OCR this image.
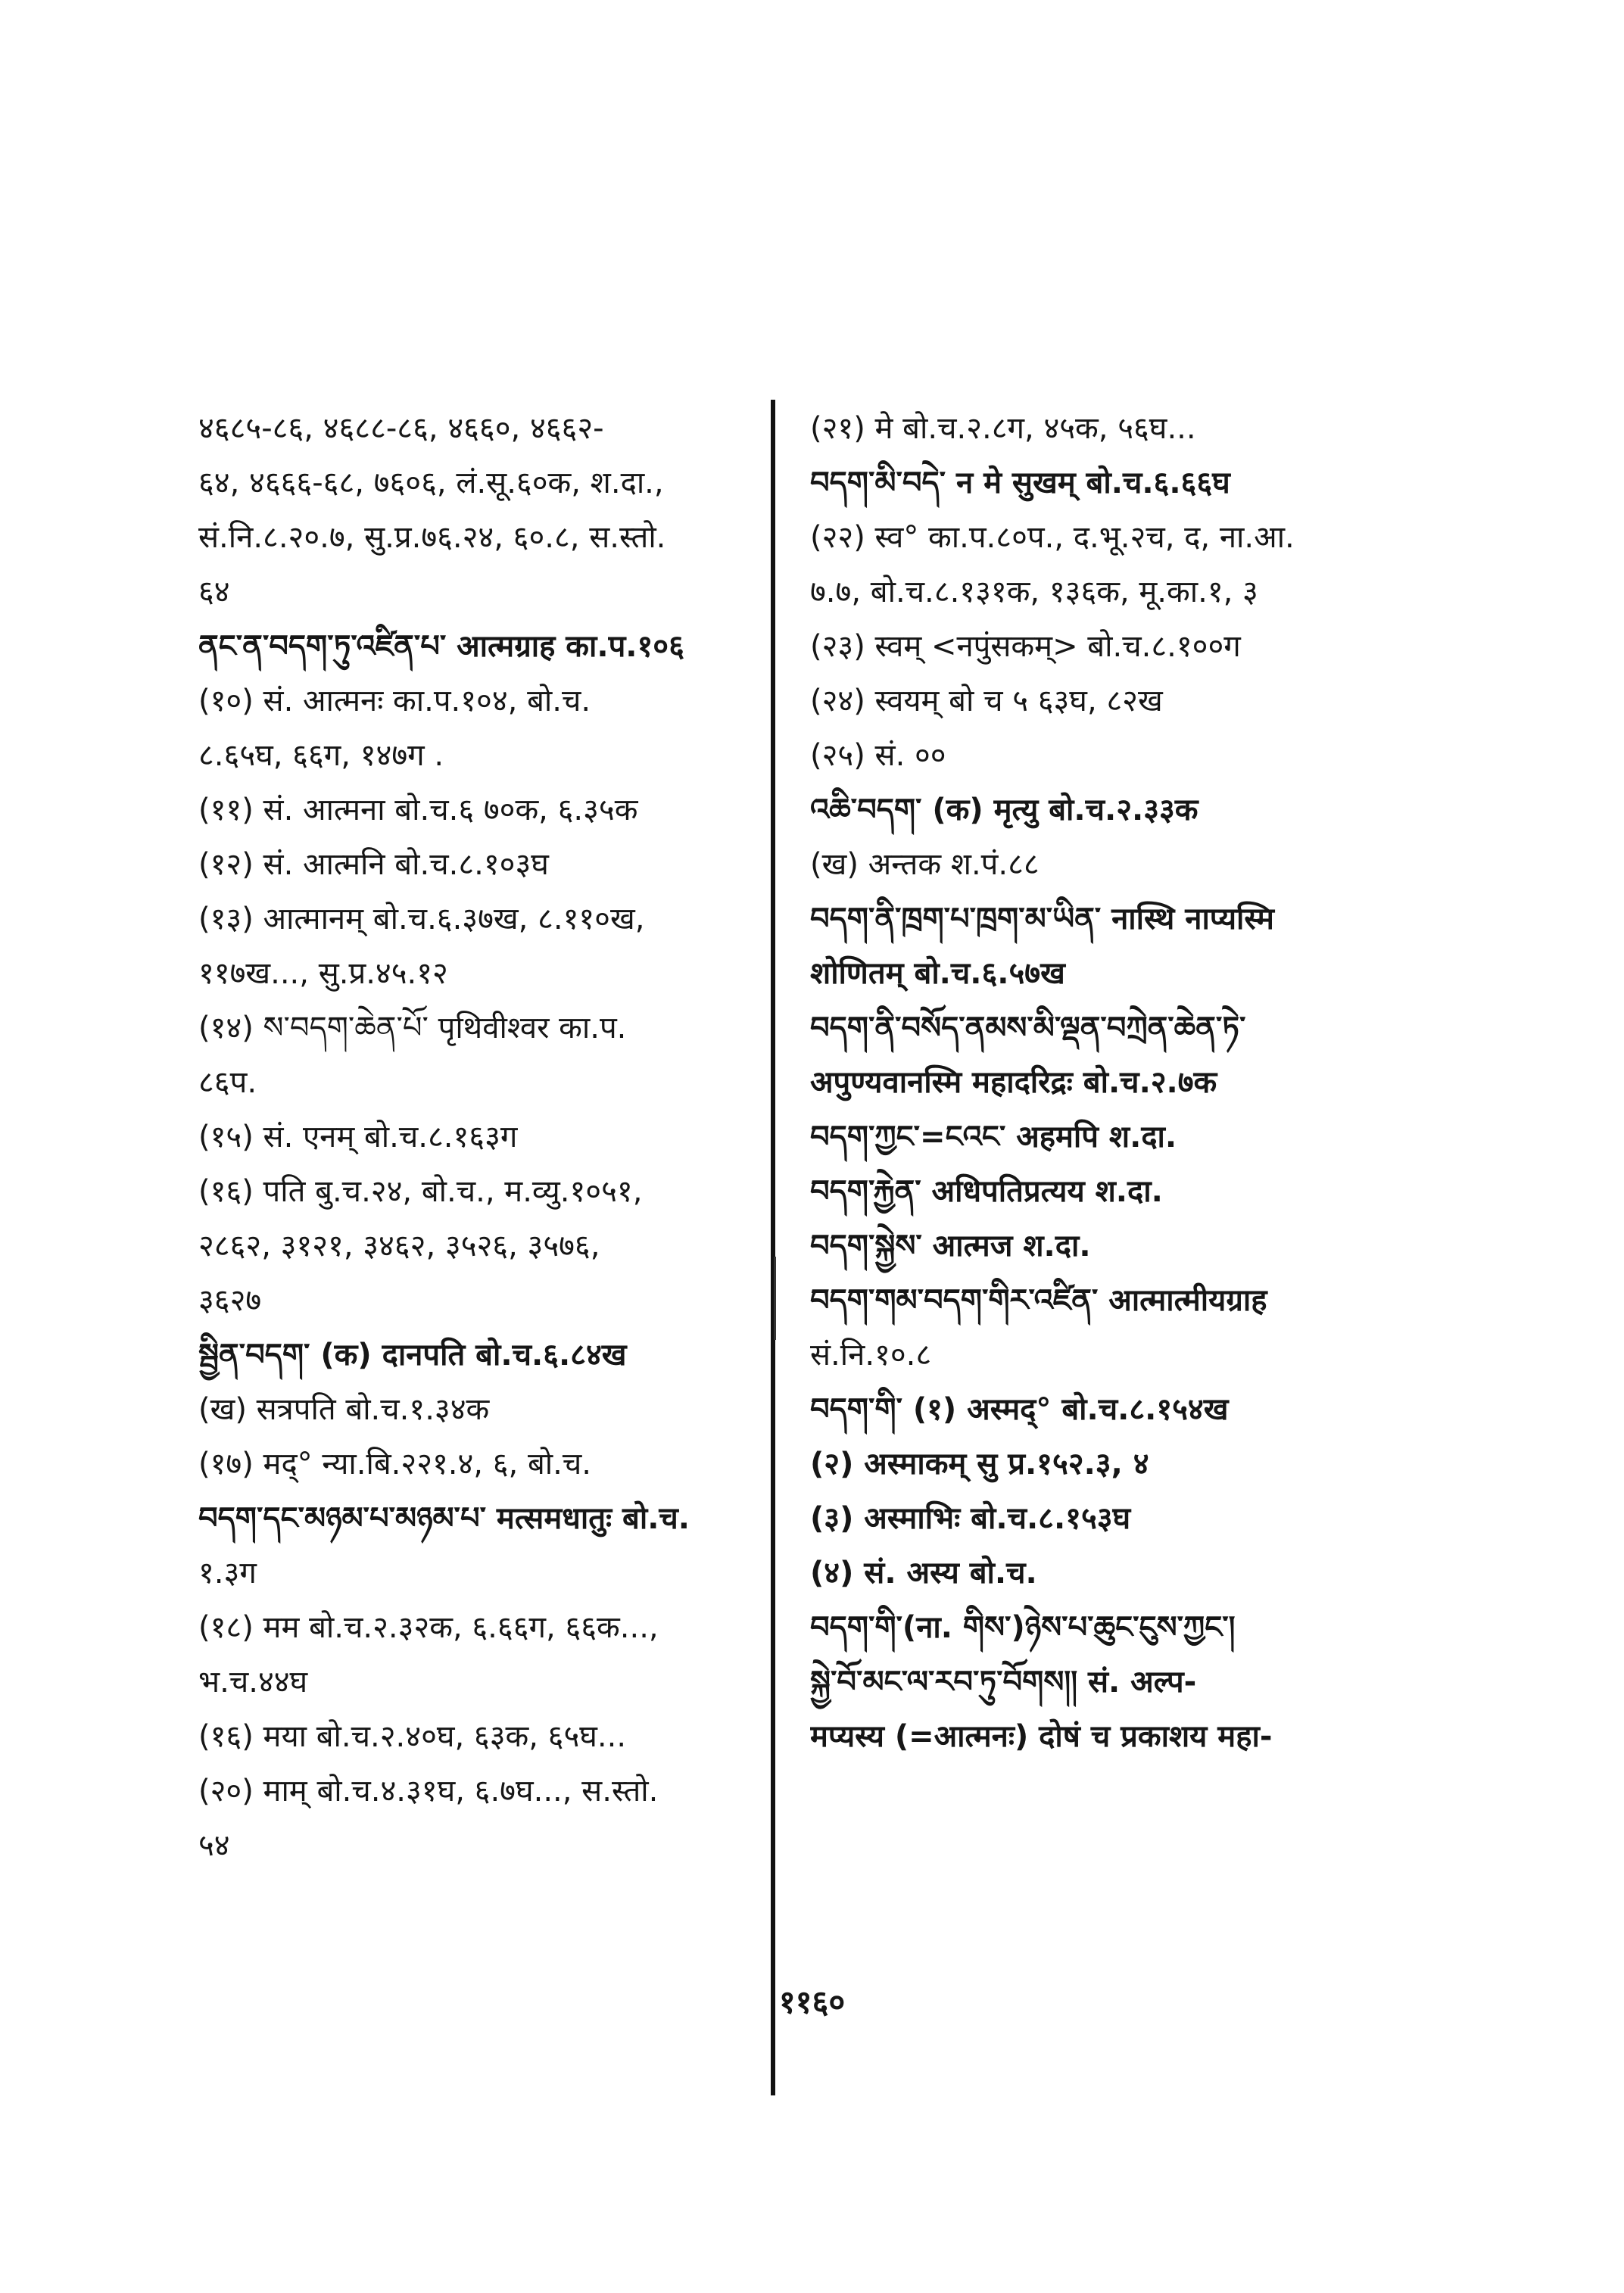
४६८५-८६, ४६८८-८६, ४६६०, ४६६२-
६४, ४६६६-६८, ७६०६, लं.सू.६०क, श.दा.,
सं.नि.८.२०.७, सु.प्र.७६.२४, ६०.८, स.स्तो.
६४
ནང་ན་བདག་ཏུ་འཛིན་པ་ आत्मग्राह का.प.१०६
(१०) सं. आत्मनः का.प.१०४, बो.च.
८.६५घ, ६६ग, १४७ग .
(११) सं. आत्मना बो.च.६ ७०क, ६.३५क
(१२) सं. आत्मनि बो.च.८.१०३घ
(१३) आत्मानम् बो.च.६.३७ख, ८.११०ख,
११७ख..., सु.प्र.४५.१२
(१४) ས་བདག་ཆེན་པོ་ पृथिवीश्वर का.प.
८६प.
(१५) सं. एनम् बो.च.८.१६३ग
(१६) पति बु.च.२४, बो.च., म.व्यु.१०५१,
२८६२, ३१२१, ३४६२, ३५२६, ३५७६,
३६२७
སྦྱིན་བདག་ (क) दानपति बो.च.६.८४ख
(ख) सत्रपति बो.च.१.३४क
(१७) मद्° न्या.बि.२२१.४, ६, बो.च.
བདག་དང་མཉམ་པ་མཉམ་པ་ मत्समधातुः बो.च.
१.३ग
(१८) मम बो.च.२.३२क, ६.६६ग, ६६क...,
भ.च.४४घ
(१६) मया बो.च.२.४०घ, ६३क, ६५घ...
(२०) माम् बो.च.४.३१घ, ६.७घ..., स.स्तो.
५४
(२१) मे बो.च.२.८ग, ४५क, ५६घ...
བདག་མི་བདེ་ न मे सुखम् बो.च.६.६६घ
(२२) स्व° का.प.८०प., द.भू.२च, द, ना.आ.
७.७, बो.च.८.१३१क, १३६क, मू.का.१, ३
(२३) स्वम् <नपुंसकम्> बो.च.८.१००ग
(२४) स्वयम् बो च ५ ६३घ, ८२ख
(२५) सं. ००
འཆི་བདག་ (क) मृत्यु बो.च.२.३३क
(ख) अन्तक श.पं.८८
བདག་ནི་ཁྲག་པ་ཁྲག་མ་ཡིན་ नास्थि नाप्यस्मि
शोणितम् बो.च.६.५७ख
བདག་ནི་བསོད་ནམས་མི་ལྡན་བཀྲེན་ཆེན་ཏེ་
अपुण्यवानस्मि महादरिद्रः बो.च.२.७क
བདག་ཀྱང་=ངའང་ अहमपि श.दा.
བདག་རྐྱེན་ अधिपतिप्रत्यय श.दा.
བདག་སྐྱེས་ आत्मज श.दा.
བདག་གམ་བདག་གིར་འཛིན་ आत्मात्मीयग्राह
सं.नि.१०.८
བདག་གི་ (१) अस्मद्° बो.च.८.१५४ख
(२) अस्माकम् सु प्र.१५२.३, ४
(३) अस्माभिः बो.च.८.१५३घ
(४) सं. अस्य बो.च.
བདག་གི་(ना. གིས་)ཉེས་པ་ཆུང་ངུས་ཀྱང་།
སྐྱེ་བོ་མང་ལ་རབ་ཏུ་བོགས།། सं. अल्प-
मप्यस्य (=आत्मनः) दोषं च प्रकाशय महा-
११६०
